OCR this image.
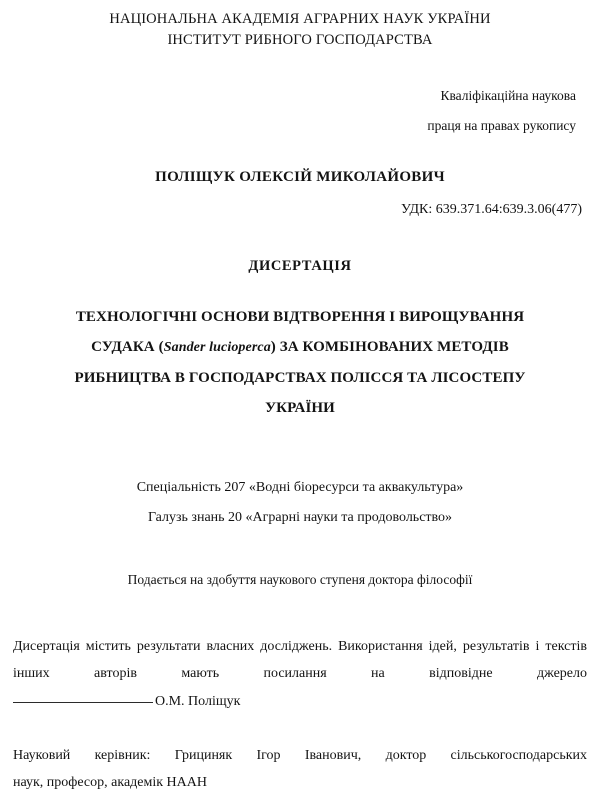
НАЦІОНАЛЬНА АКАДЕМІЯ АГРАРНИХ НАУК УКРАЇНИ
ІНСТИТУТ РИБНОГО ГОСПОДАРСТВА
Кваліфікаційна наукова
праця на правах рукопису
ПОЛІЩУК ОЛЕКСІЙ МИКОЛАЙОВИЧ
УДК: 639.371.64:639.3.06(477)
ДИСЕРТАЦІЯ
ТЕХНОЛОГІЧНІ ОСНОВИ ВІДТВОРЕННЯ І ВИРОЩУВАННЯ
СУДАКА (Sander lucioperca) ЗА КОМБІНОВАНИХ МЕТОДІВ
РИБНИЦТВА В ГОСПОДАРСТВАХ ПОЛІССЯ ТА ЛІСОСТЕПУ
УКРАЇНИ
Спеціальність 207 «Водні біоресурси та аквакультура»
Галузь знань 20 «Аграрні науки та продовольство»
Подається на здобуття наукового ступеня доктора філософії
Дисертація містить результати власних досліджень. Використання ідей, результатів і текстів інших авторів мають посилання на відповідне джерело
О.М. Поліщук
Науковий керівник: Грициняк Ігор Іванович, доктор сільськогосподарських
наук, професор, академік НААН
